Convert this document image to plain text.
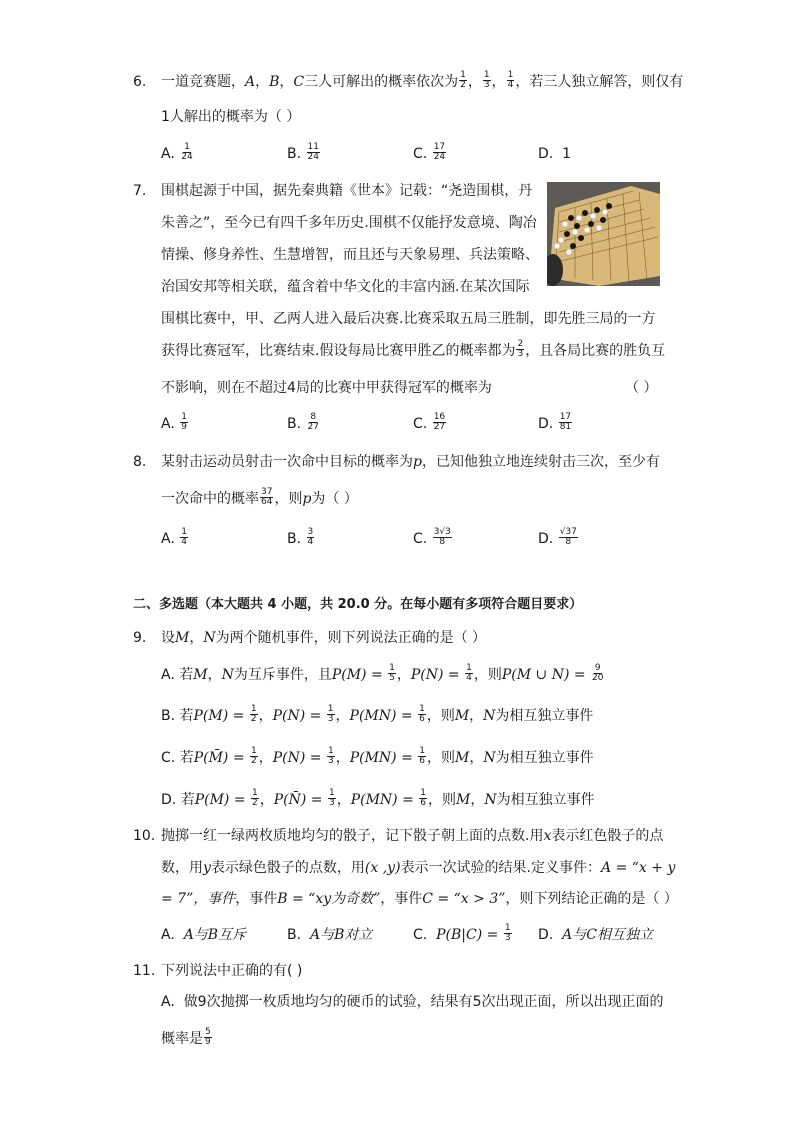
6. 一道竞赛题，A，B，C三人可解出的概率依次为 $\frac{1}{2}$ ， $\frac{1}{3}$ ， $\frac{1}{4}$ ，若三人独立解答，则仅有
1人解出的概率为（ ）
A. $\frac{1}{24}$	B. $\frac{11}{24}$	C. $\frac{17}{24}$	D. 1
7. 围棋起源于中国，据先秦典籍《世本》记载：“尧造围棋，丹
朱善之”，至今已有四千多年历史.围棋不仅能抒发意境、陶冶
情操、修身养性、生慧增智，而且还与天象易理、兵法策略、
治国安邦等相关联，蕴含着中华文化的丰富内涵.在某次国际
围棋比赛中，甲、乙两人进入最后决赛.比赛采取五局三胜制，即先胜三局的一方
获得比赛冠军，比赛结束.假设每局比赛甲胜乙的概率都为 $\frac{2}{3}$ ，且各局比赛的胜负互
不影响，则在不超过4局的比赛中甲获得冠军的概率为	（ ）
A. $\frac{1}{9}$	B. $\frac{8}{27}$	C. $\frac{16}{27}$	D. $\frac{17}{81}$
8. 某射击运动员射击一次命中目标的概率为p，已知他独立地连续射击三次，至少有
一次命中的概率 $\frac{37}{64}$ ，则p为（ ）
A. $\frac{1}{4}$	B. $\frac{3}{4}$	C. $\frac{3√3}{8}$	D. $\frac{√37}{8}$
二、多选题（本大题共 4 小题，共 20.0 分。在每小题有多项符合题目要求）
9. 设M，N为两个随机事件，则下列说法正确的是（ ）
A. 若M，N为互斥事件，且$P(M) = \frac{1}{5}$ ，$P(N) = \frac{1}{4}$ ，则P(M ∪ $N) = \frac{9}{20}$
B. 若$P(M) = \frac{1}{2}$ ，$P(N) = \frac{1}{3}$ ，$P(MN) = \frac{1}{6}$ ，则M，N为相互独立事件
C. 若P(M̄) = $\frac{1}{2}$ ，$P(N) = \frac{1}{3}$ ，$P(MN) = \frac{1}{6}$ ，则M，N为相互独立事件
D. 若$P(M) = \frac{1}{2}$ ，P(N̄) = $\frac{1}{3}$ ，$P(MN) = \frac{1}{6}$ ，则M，N为相互独立事件
10. 抛掷一红一绿两枚质地均匀的骰子，记下骰子朝上面的点数.用x表示红色骰子的点
数，用y表示绿色骰子的点数，用(x ,y)表示一次试验的结果.定义事件：A = “x + y
= 7”，事件，事件B = “xy为奇数”，事件C = “x > 3”，则下列结论正确的是（ ）
A. A与B互斥	B. A与B对立	C. $P(B|C) = \frac{1}{3} D$. A与C相互独立
11. 下列说法中正确的有( )
A. 做9次抛掷一枚质地均匀的硬币的试验，结果有5次出现正面，所以出现正面的
概率是 $\frac{5}{9}$
